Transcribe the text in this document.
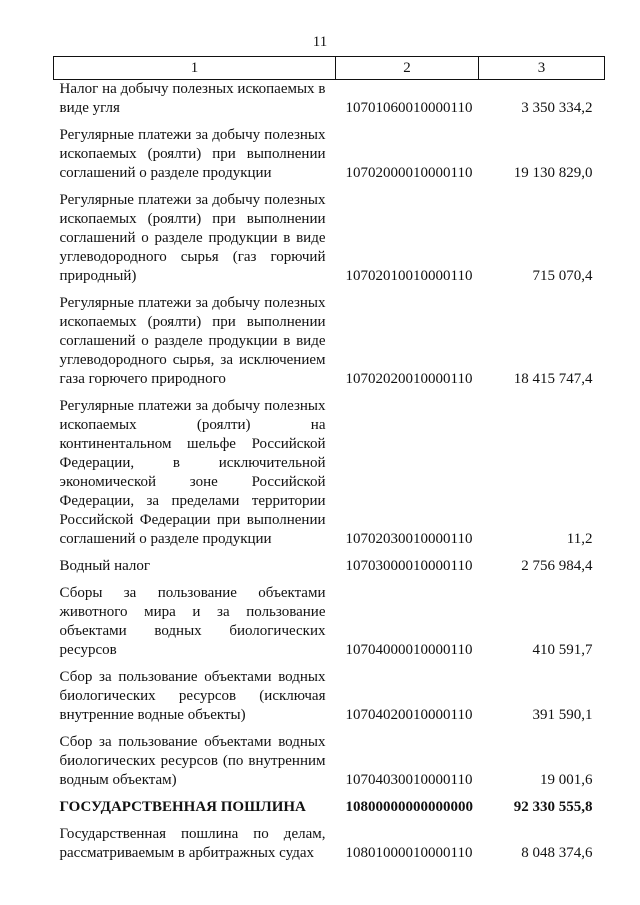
11
1	2	3
Налог на добычу полезных ископаемых в виде угля	10701060010000110	3 350 334,2
Регулярные платежи за добычу полезных ископаемых (роялти) при выполнении соглашений о разделе продукции	10702000010000110	19 130 829,0
Регулярные платежи за добычу полезных ископаемых (роялти) при выполнении соглашений о разделе продукции в виде углеводородного сырья (газ горючий природный)	10702010010000110	715 070,4
Регулярные платежи за добычу полезных ископаемых (роялти) при выполнении соглашений о разделе продукции в виде углеводородного сырья, за исключением газа горючего природного	10702020010000110	18 415 747,4
Регулярные платежи за добычу полезных ископаемых (роялти) на континентальном шельфе Российской Федерации, в исключительной экономической зоне Российской Федерации, за пределами территории Российской Федерации при выполнении соглашений о разделе продукции	10702030010000110	11,2
Водный налог	10703000010000110	2 756 984,4
Сборы за пользование объектами животного мира и за пользование объектами водных биологических ресурсов	10704000010000110	410 591,7
Сбор за пользование объектами водных биологических ресурсов (исключая внутренние водные объекты)	10704020010000110	391 590,1
Сбор за пользование объектами водных биологических ресурсов (по внутренним водным объектам)	10704030010000110	19 001,6
ГОСУДАРСТВЕННАЯ ПОШЛИНА	10800000000000000	92 330 555,8
Государственная пошлина по делам, рассматриваемым в арбитражных судах	10801000010000110	8 048 374,6
